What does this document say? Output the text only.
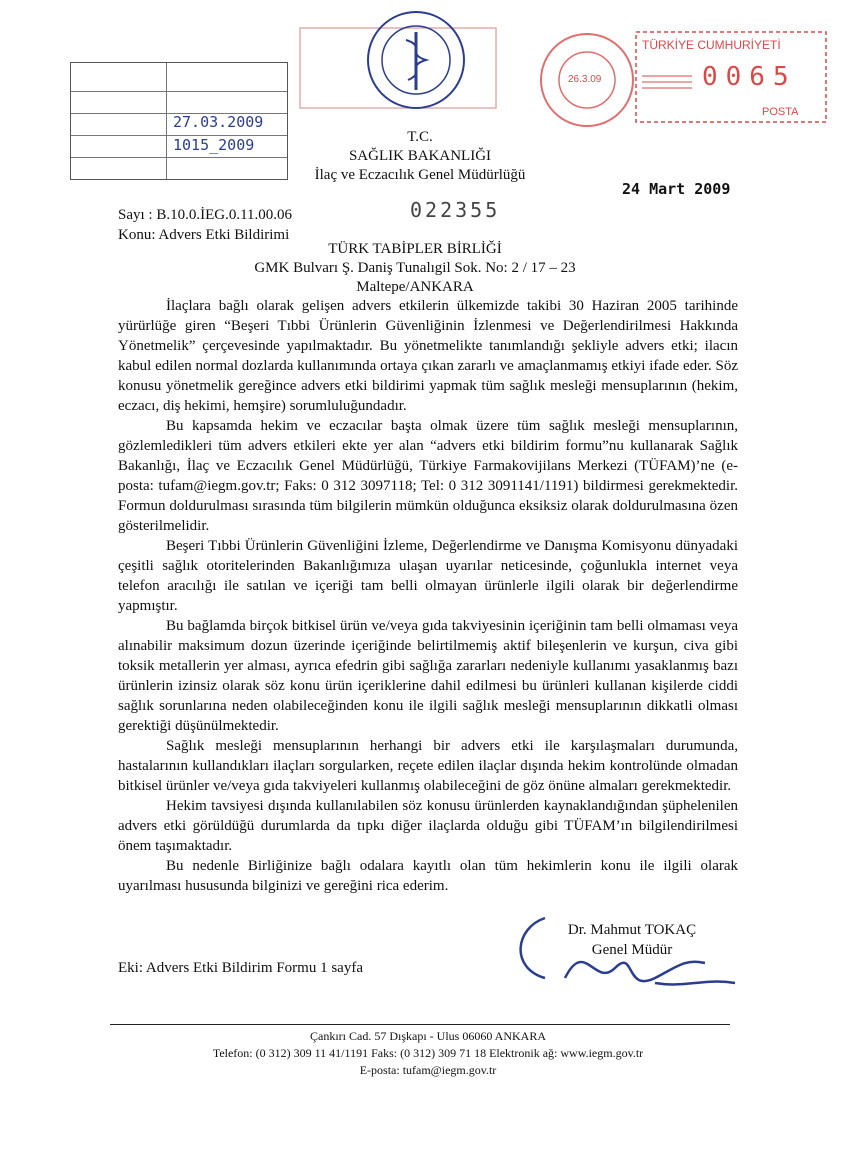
27.03.2009
1015_2009
TÜRKİYE CUMHURİYETİ
26.3.09	0065
POSTA
T.C.
SAĞLIK BAKANLIĞI
İlaç ve Eczacılık Genel Müdürlüğü
24 Mart 2009
022355
Sayı : B.10.0.İEG.0.11.00.06
Konu: Advers Etki Bildirimi
TÜRK TABİPLER BİRLİĞİ
GMK Bulvarı Ş. Daniş Tunalıgil Sok. No: 2 / 17 – 23
Maltepe/ANKARA

İlaçlara bağlı olarak gelişen advers etkilerin ülkemizde takibi 30 Haziran 2005 tarihinde yürürlüğe giren “Beşeri Tıbbi Ürünlerin Güvenliğinin İzlenmesi ve Değerlendirilmesi Hakkında Yönetmelik” çerçevesinde yapılmaktadır. Bu yönetmelikte tanımlandığı şekliyle advers etki; ilacın kabul edilen normal dozlarda kullanımında ortaya çıkan zararlı ve amaçlanmamış etkiyi ifade eder. Söz konusu yönetmelik gereğince advers etki bildirimi yapmak tüm sağlık mesleği mensuplarının (hekim, eczacı, diş hekimi, hemşire) sorumluluğundadır.

Bu kapsamda hekim ve eczacılar başta olmak üzere tüm sağlık mesleği mensuplarının, gözlemledikleri tüm advers etkileri ekte yer alan “advers etki bildirim formu”nu kullanarak Sağlık Bakanlığı, İlaç ve Eczacılık Genel Müdürlüğü, Türkiye Farmakovijilans Merkezi (TÜFAM)’ne (e-posta: tufam@iegm.gov.tr; Faks: 0 312 3097118; Tel: 0 312 3091141/1191) bildirmesi gerekmektedir. Formun doldurulması sırasında tüm bilgilerin mümkün olduğunca eksiksiz olarak doldurulmasına özen gösterilmelidir.

Beşeri Tıbbi Ürünlerin Güvenliğini İzleme, Değerlendirme ve Danışma Komisyonu dünyadaki çeşitli sağlık otoritelerinden Bakanlığımıza ulaşan uyarılar neticesinde, çoğunlukla internet veya telefon aracılığı ile satılan ve içeriği tam belli olmayan ürünlerle ilgili olarak bir değerlendirme yapmıştır.

Bu bağlamda birçok bitkisel ürün ve/veya gıda takviyesinin içeriğinin tam belli olmaması veya alınabilir maksimum dozun üzerinde içeriğinde belirtilmemiş aktif bileşenlerin ve kurşun, civa gibi toksik metallerin yer alması, ayrıca efedrin gibi sağlığa zararları nedeniyle kullanımı yasaklanmış bazı ürünlerin izinsiz olarak söz konu ürün içeriklerine dahil edilmesi bu ürünleri kullanan kişilerde ciddi sağlık sorunlarına neden olabileceğinden konu ile ilgili sağlık mesleği mensuplarının dikkatli olması gerektiği düşünülmektedir.

Sağlık mesleği mensuplarının herhangi bir advers etki ile karşılaşmaları durumunda, hastalarının kullandıkları ilaçları sorgularken, reçete edilen ilaçlar dışında hekim kontrolünde olmadan bitkisel ürünler ve/veya gıda takviyeleri kullanmış olabileceğini de göz önüne almaları gerekmektedir.

Hekim tavsiyesi dışında kullanılabilen söz konusu ürünlerden kaynaklandığından şüphelenilen advers etki görüldüğü durumlarda da tıpkı diğer ilaçlarda olduğu gibi TÜFAM’ın bilgilendirilmesi önem taşımaktadır.

Bu nedenle Birliğinize bağlı odalara kayıtlı olan tüm hekimlerin konu ile ilgili olarak uyarılması hususunda bilginizi ve gereğini rica ederim.

Dr. Mahmut TOKAÇ
Genel Müdür
Eki: Advers Etki Bildirim Formu 1 sayfa
Çankırı Cad. 57 Dışkapı - Ulus 06060 ANKARA
Telefon: (0 312) 309 11 41/1191 Faks: (0 312) 309 71 18 Elektronik ağ: www.iegm.gov.tr
E-posta: tufam@iegm.gov.tr
